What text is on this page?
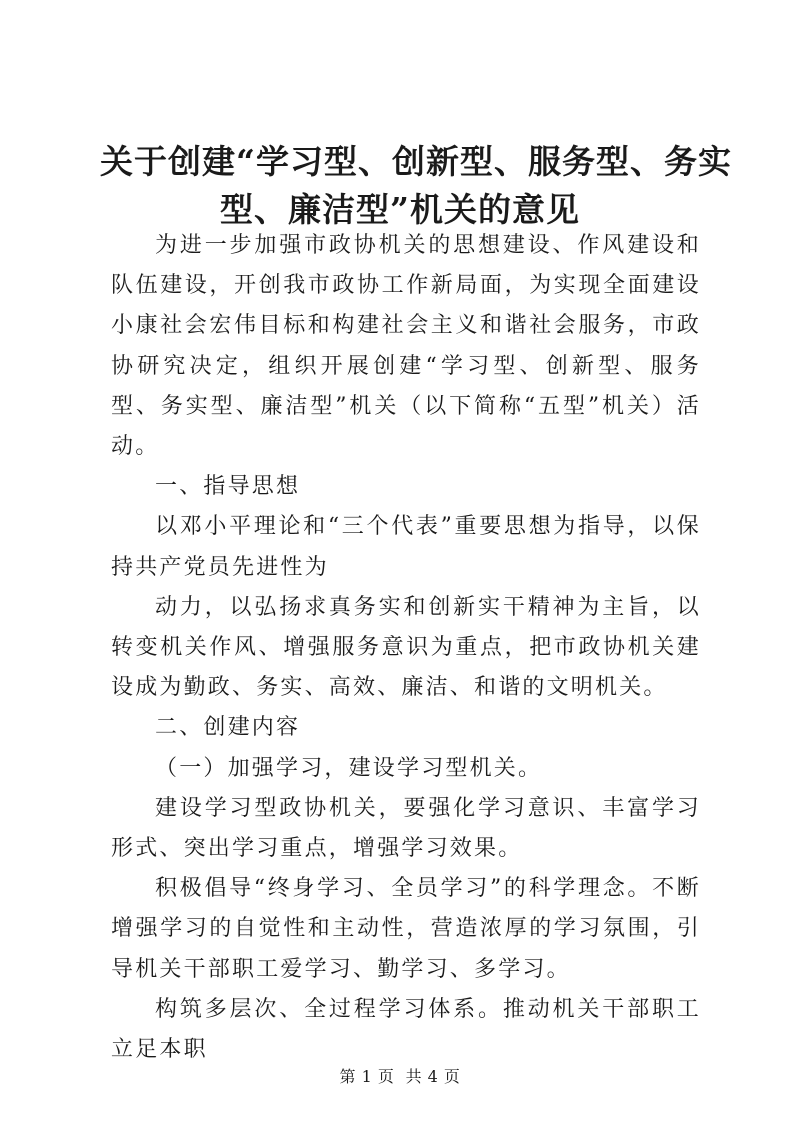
关于创建“学习型、创新型、服务型、务实
型、廉洁型”机关的意见

为进一步加强市政协机关的思想建设、作风建设和队伍建设，开创我市政协工作新局面，为实现全面建设小康社会宏伟目标和构建社会主义和谐社会服务，市政协研究决定，组织开展创建“学习型、创新型、服务型、务实型、廉洁型”机关（以下简称“五型”机关）活动。

一、指导思想

以邓小平理论和“三个代表”重要思想为指导，以保持共产党员先进性为

动力，以弘扬求真务实和创新实干精神为主旨，以转变机关作风、增强服务意识为重点，把市政协机关建设成为勤政、务实、高效、廉洁、和谐的文明机关。

二、创建内容

（一）加强学习，建设学习型机关。

建设学习型政协机关，要强化学习意识、丰富学习形式、突出学习重点，增强学习效果。

积极倡导“终身学习、全员学习”的科学理念。不断增强学习的自觉性和主动性，营造浓厚的学习氛围，引导机关干部职工爱学习、勤学习、多学习。

构筑多层次、全过程学习体系。推动机关干部职工立足本职

第 1 页  共 4 页
